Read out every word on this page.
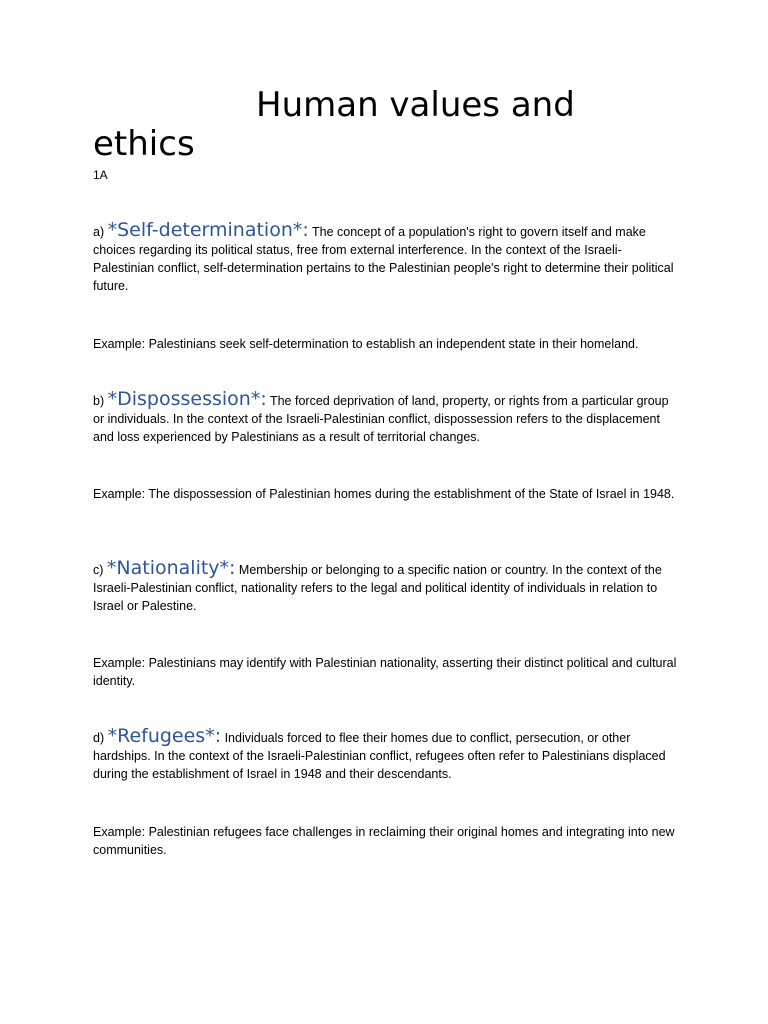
Human values and ethics

1A

a) *Self-determination*: The concept of a population's right to govern itself and make choices regarding its political status, free from external interference. In the context of the Israeli-Palestinian conflict, self-determination pertains to the Palestinian people's right to determine their political future.

Example: Palestinians seek self-determination to establish an independent state in their homeland.

b) *Dispossession*: The forced deprivation of land, property, or rights from a particular group or individuals. In the context of the Israeli-Palestinian conflict, dispossession refers to the displacement and loss experienced by Palestinians as a result of territorial changes.

Example: The dispossession of Palestinian homes during the establishment of the State of Israel in 1948.

c) *Nationality*: Membership or belonging to a specific nation or country. In the context of the Israeli-Palestinian conflict, nationality refers to the legal and political identity of individuals in relation to Israel or Palestine.

Example: Palestinians may identify with Palestinian nationality, asserting their distinct political and cultural identity.

d) *Refugees*: Individuals forced to flee their homes due to conflict, persecution, or other hardships. In the context of the Israeli-Palestinian conflict, refugees often refer to Palestinians displaced during the establishment of Israel in 1948 and their descendants.

Example: Palestinian refugees face challenges in reclaiming their original homes and integrating into new communities.
